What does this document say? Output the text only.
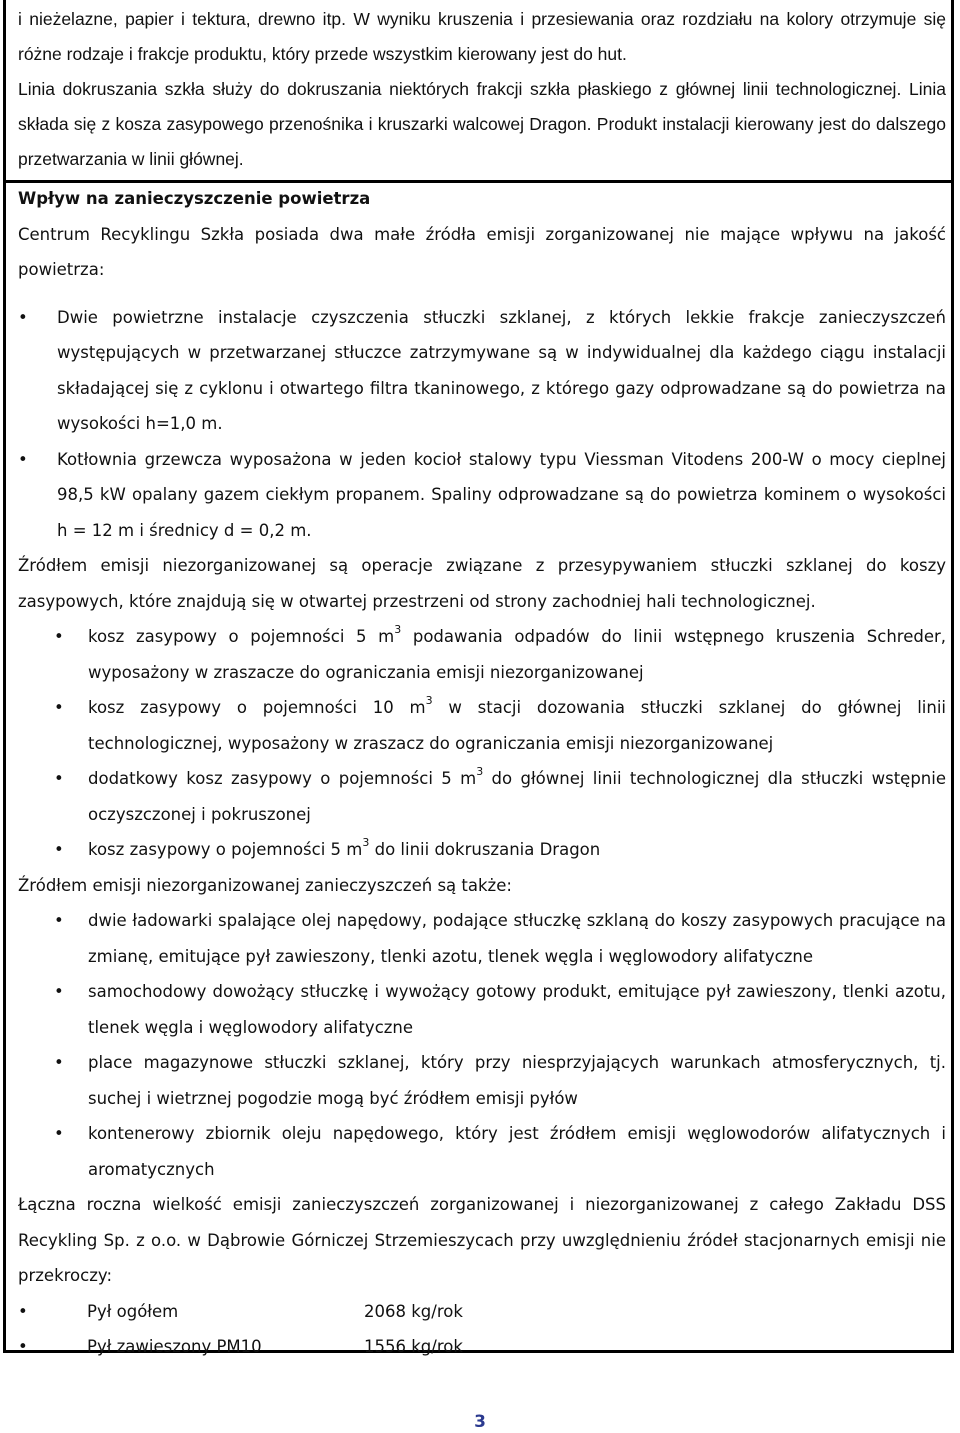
i nieżelazne, papier i tektura, drewno itp. W wyniku kruszenia i przesiewania oraz rozdziału na kolory otrzymuje się różne rodzaje i frakcje produktu, który przede wszystkim kierowany jest do hut.

Linia dokruszania szkła służy do dokruszania niektórych frakcji szkła płaskiego z głównej linii technologicznej. Linia składa się z kosza zasypowego przenośnika i kruszarki walcowej Dragon. Produkt instalacji kierowany jest do dalszego przetwarzania w linii głównej.

Wpływ na zanieczyszczenie powietrza

Centrum Recyklingu Szkła posiada dwa małe źródła emisji zorganizowanej nie mające wpływu na jakość powietrza:

• Dwie powietrzne instalacje czyszczenia stłuczki szklanej, z których lekkie frakcje zanieczyszczeń występujących w przetwarzanej stłuczce zatrzymywane są w indywidualnej dla każdego ciągu instalacji składającej się z cyklonu i otwartego filtra tkaninowego, z którego gazy odprowadzane są do powietrza na wysokości h=1,0 m.
• Kotłownia grzewcza wyposażona w jeden kocioł stalowy typu Viessman Vitodens 200-W o mocy cieplnej 98,5 kW opalany gazem ciekłym propanem. Spaliny odprowadzane są do powietrza kominem o wysokości h = 12 m i średnicy d = 0,2 m.

Źródłem emisji niezorganizowanej są operacje związane z przesypywaniem stłuczki szklanej do koszy zasypowych, które znajdują się w otwartej przestrzeni od strony zachodniej hali technologicznej.

• kosz zasypowy o pojemności 5 $m^3$ podawania odpadów do linii wstępnego kruszenia Schreder, wyposażony w zraszacze do ograniczania emisji niezorganizowanej
• kosz zasypowy o pojemności 10 $m^3$ w stacji dozowania stłuczki szklanej do głównej linii technologicznej, wyposażony w zraszacz do ograniczania emisji niezorganizowanej
• dodatkowy kosz zasypowy o pojemności 5 $m^3$ do głównej linii technologicznej dla stłuczki wstępnie oczyszczonej i pokruszonej
• kosz zasypowy o pojemności 5 $m^3$ do linii dokruszania Dragon

Źródłem emisji niezorganizowanej zanieczyszczeń są także:

• dwie ładowarki spalające olej napędowy, podające stłuczkę szklaną do koszy zasypowych pracujące na zmianę, emitujące pył zawieszony, tlenki azotu, tlenek węgla i węglowodory alifatyczne
• samochodowy dowożący stłuczkę i wywożący gotowy produkt, emitujące pył zawieszony, tlenki azotu, tlenek węgla i węglowodory alifatyczne
• place magazynowe stłuczki szklanej, który przy niesprzyjających warunkach atmosferycznych, tj. suchej i wietrznej pogodzie mogą być źródłem emisji pyłów
• kontenerowy zbiornik oleju napędowego, który jest źródłem emisji węglowodorów alifatycznych i aromatycznych

Łączna roczna wielkość emisji zanieczyszczeń zorganizowanej i niezorganizowanej z całego Zakładu DSS Recykling Sp. z o.o. w Dąbrowie Górniczej Strzemieszycach przy uwzględnieniu źródeł stacjonarnych emisji nie przekroczy:

•	Pył ogółem	2068 kg/rok
•	Pył zawieszony PM10	1556 kg/rok
3
